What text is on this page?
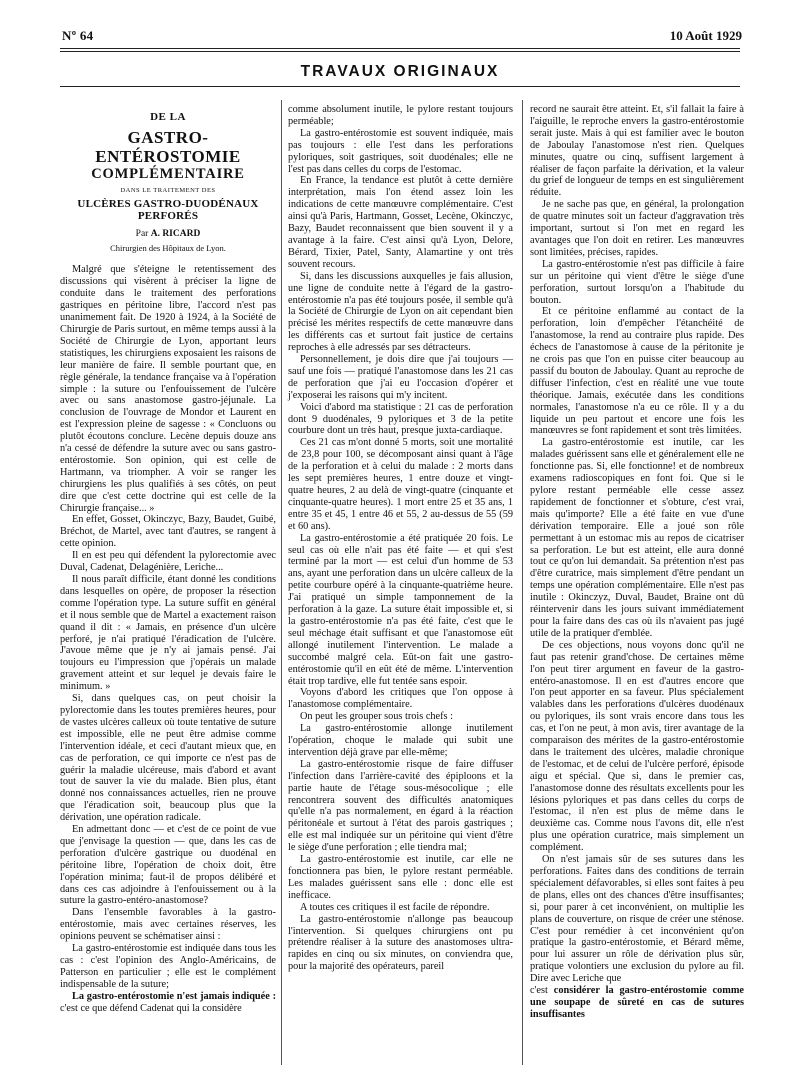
Nº 64	10 Août 1929
TRAVAUX ORIGINAUX
DE LA
GASTRO-ENTÉROSTOMIE
COMPLÉMENTAIRE
DANS LE TRAITEMENT DES
ULCÈRES GASTRO-DUODÉNAUX PERFORÉS
Par A. RICARD
Chirurgien des Hôpitaux de Lyon.

Malgré que s'éteigne le retentissement des discussions qui visèrent à préciser la ligne de conduite dans le traitement des perforations gastriques en péritoine libre, l'accord n'est pas unanimement fait. De 1920 à 1924, à la Société de Chirurgie de Paris surtout, en même temps aussi à la Société de Chirurgie de Lyon, apportant leurs statistiques, les chirurgiens exposaient les raisons de leur manière de faire. Il semble pourtant que, en règle générale, la tendance française va à l'opération simple : la suture ou l'enfouissement de l'ulcère avec ou sans anastomose gastro-jéjunale. La conclusion de l'ouvrage de Mondor et Laurent en est l'expression pleine de sagesse : « Concluons ou plutôt écoutons conclure. Lecène depuis douze ans n'a cessé de défendre la suture avec ou sans gastro-entérostomie. Son opinion, qui est celle de Hartmann, va triompher. A voir se ranger les chirurgiens les plus qualifiés à ses côtés, on peut dire que c'est cette doctrine qui est celle de la Chirurgie française... »

En effet, Gosset, Okinczyc, Bazy, Baudet, Guibé, Bréchot, de Martel, avec tant d'autres, se rangent à cette opinion.

Il en est peu qui défendent la pylorectomie avec Duval, Cadenat, Delagénière, Leriche...

Il nous paraît difficile, étant donné les conditions dans lesquelles on opère, de proposer la résection comme l'opération type. La suture suffit en général et il nous semble que de Martel a exactement raison quand il dit : « Jamais, en présence d'un ulcère perforé, je n'ai pratiqué l'éradication de l'ulcère. J'avoue même que je n'y ai jamais pensé. J'ai toujours eu l'impression que j'opérais un malade gravement atteint et sur lequel je devais faire le minimum. »

Si, dans quelques cas, on peut choisir la pylorectomie dans les toutes premières heures, pour de vastes ulcères calleux où toute tentative de suture est impossible, elle ne peut être admise comme l'intervention idéale, et ceci d'autant mieux que, en cas de perforation, ce qui importe ce n'est pas de guérir la maladie ulcéreuse, mais d'abord et avant tout de sauver la vie du malade. Bien plus, étant donné nos connaissances actuelles, rien ne prouve que l'éradication soit, beaucoup plus que la dérivation, une opération radicale.

En admettant donc — et c'est de ce point de vue que j'envisage la question — que, dans les cas de perforation d'ulcère gastrique ou duodénal en péritoine libre, l'opération de choix doit, être l'opération minima; faut-il de propos délibéré et dans ces cas adjoindre à l'enfouissement ou à la suture la gastro-entéro-anastomose?

Dans l'ensemble favorables à la gastro-entérostomie, mais avec certaines réserves, les opinions peuvent se schématiser ainsi :

La gastro-entérostomie est indiquée dans tous les cas : c'est l'opinion des Anglo-Américains, de Patterson en particulier ; elle est le complément indispensable de la suture;

La gastro-entérostomie n'est jamais indiquée : c'est ce que défend Cadenat qui la considère

comme absolument inutile, le pylore restant toujours perméable;

La gastro-entérostomie est souvent indiquée, mais pas toujours : elle l'est dans les perforations pyloriques, soit gastriques, soit duodénales; elle ne l'est pas dans celles du corps de l'estomac.

En France, la tendance est plutôt à cette dernière interprétation, mais l'on étend assez loin les indications de cette manœuvre complémentaire. C'est ainsi qu'à Paris, Hartmann, Gosset, Lecène, Okinczyc, Bazy, Baudet reconnaissent que bien souvent il y a avantage à la faire. C'est ainsi qu'à Lyon, Delore, Bérard, Tixier, Patel, Santy, Alamartine y ont très souvent recours.

Si, dans les discussions auxquelles je fais allusion, une ligne de conduite nette à l'égard de la gastro-entérostomie n'a pas été toujours posée, il semble qu'à la Société de Chirurgie de Lyon on ait cependant bien précisé les mérites respectifs de cette manœuvre dans les différents cas et surtout fait justice de certains reproches à elle adressés par ses détracteurs.

Personnellement, je dois dire que j'ai toujours — sauf une fois — pratiqué l'anastomose dans les 21 cas de perforation que j'ai eu l'occasion d'opérer et j'exposerai les raisons qui m'y incitent.

Voici d'abord ma statistique : 21 cas de perforation dont 9 duodénales, 9 pyloriques et 3 de la petite courbure dont un très haut, presque juxta-cardiaque.

Ces 21 cas m'ont donné 5 morts, soit une mortalité de 23,8 pour 100, se décomposant ainsi quant à l'âge de la perforation et à celui du malade : 2 morts dans les sept premières heures, 1 entre douze et vingt-quatre heures, 2 au delà de vingt-quatre (cinquante et cinquante-quatre heures). 1 mort entre 25 et 35 ans, 1 entre 35 et 45, 1 entre 46 et 55, 2 au-dessus de 55 (59 et 60 ans).

La gastro-entérostomie a été pratiquée 20 fois. Le seul cas où elle n'ait pas été faite — et qui s'est terminé par la mort — est celui d'un homme de 53 ans, ayant une perforation dans un ulcère calleux de la petite courbure opéré à la cinquante-quatrième heure. J'ai pratiqué un simple tamponnement de la perforation à la gaze. La suture était impossible et, si la gastro-entérostomie n'a pas été faite, c'est que le seul méchage était suffisant et que l'anastomose eût allongé inutilement l'intervention. Le malade a succombé malgré cela. Eût-on fait une gastro-entérostomie qu'il en eût été de même. L'intervention était trop tardive, elle fut tentée sans espoir.

Voyons d'abord les critiques que l'on oppose à l'anastomose complémentaire.

On peut les grouper sous trois chefs :

La gastro-entérostomie allonge inutilement l'opération, choque le malade qui subit une intervention déjà grave par elle-même;

La gastro-entérostomie risque de faire diffuser l'infection dans l'arrière-cavité des épiploons et la partie haute de l'étage sous-mésocolique ; elle rencontrera souvent des difficultés anatomiques qu'elle n'a pas normalement, en égard à la réaction péritonéale et surtout à l'état des parois gastriques ; elle est mal indiquée sur un péritoine qui vient d'être le siège d'une perforation ; elle tiendra mal;

La gastro-entérostomie est inutile, car elle ne fonctionnera pas bien, le pylore restant perméable. Les malades guérissent sans elle : donc elle est inefficace.

A toutes ces critiques il est facile de répondre.

La gastro-entérostomie n'allonge pas beaucoup l'intervention. Si quelques chirurgiens ont pu prétendre réaliser à la suture des anastomoses ultra-rapides en cinq ou six minutes, on conviendra que, pour la majorité des opérateurs, pareil

record ne saurait être atteint. Et, s'il fallait la faire à l'aiguille, le reproche envers la gastro-entérostomie serait juste. Mais à qui est familier avec le bouton de Jaboulay l'anastomose n'est rien. Quelques minutes, quatre ou cinq, suffisent largement à réaliser de façon parfaite la dérivation, et la valeur du grief de longueur de temps en est singulièrement réduite.

Je ne sache pas que, en général, la prolongation de quatre minutes soit un facteur d'aggravation très important, surtout si l'on met en regard les avantages que l'on doit en retirer. Les manœuvres sont limitées, précises, rapides.

La gastro-entérostomie n'est pas difficile à faire sur un péritoine qui vient d'être le siège d'une perforation, surtout lorsqu'on a l'habitude du bouton.

Et ce péritoine enflammé au contact de la perforation, loin d'empêcher l'étanchéité de l'anastomose, la rend au contraire plus rapide. Des échecs de l'anastomose à cause de la péritonite je ne crois pas que l'on en puisse citer beaucoup au passif du bouton de Jaboulay. Quant au reproche de diffuser l'infection, c'est en réalité une vue toute théorique. Jamais, exécutée dans les conditions normales, l'anastomose n'a eu ce rôle. Il y a du liquide un peu partout et encore une fois les manœuvres se font rapidement et sont très limitées.

La gastro-entérostomie est inutile, car les malades guérissent sans elle et généralement elle ne fonctionne pas. Si, elle fonctionne! et de nombreux examens radioscopiques en font foi. Que si le pylore restant perméable elle cesse assez rapidement de fonctionner et s'obture, c'est vrai, mais qu'importe? Elle a été faite en vue d'une dérivation temporaire. Elle a joué son rôle permettant à un estomac mis au repos de cicatriser sa perforation. Le but est atteint, elle aura donné tout ce qu'on lui demandait. Sa prétention n'est pas d'être curatrice, mais simplement d'être pendant un temps une opération complémentaire. Elle n'est pas inutile : Okinczyz, Duval, Baudet, Braine ont dû réintervenir dans les jours suivant immédiatement pour la faire dans des cas où ils n'avaient pas jugé utile de la pratiquer d'emblée.

De ces objections, nous voyons donc qu'il ne faut pas retenir grand'chose. De certaines même l'on peut tirer argument en faveur de la gastro-entéro-anastomose. Il en est d'autres encore que l'on peut apporter en sa faveur. Plus spécialement valables dans les perforations d'ulcères duodénaux ou pyloriques, ils sont vrais encore dans tous les cas, et l'on ne peut, à mon avis, tirer avantage de la comparaison des mérites de la gastro-entérostomie dans le traitement des ulcères, maladie chronique de l'estomac, et de celui de l'ulcère perforé, épisode aigu et spécial. Que si, dans le premier cas, l'anastomose donne des résultats excellents pour les lésions pyloriques et pas dans celles du corps de l'estomac, il n'en est plus de même dans le deuxième cas. Comme nous l'avons dit, elle n'est plus une opération curatrice, mais simplement un complément.

On n'est jamais sûr de ses sutures dans les perforations. Faites dans des conditions de terrain spécialement défavorables, si elles sont faites à peu de plans, elles ont des chances d'être insuffisantes; si, pour parer à cet inconvénient, on multiplie les plans de couverture, on risque de créer une sténose. C'est pour remédier à cet inconvénient qu'on pratique la gastro-entérostomie, et Bérard même, pour lui assurer un rôle de dérivation plus sûr, pratique volontiers une exclusion du pylore au fil. Dire avec Leriche que

c'est considérer la gastro-entérostomie comme une soupape de sûreté en cas de sutures insuffisantes
